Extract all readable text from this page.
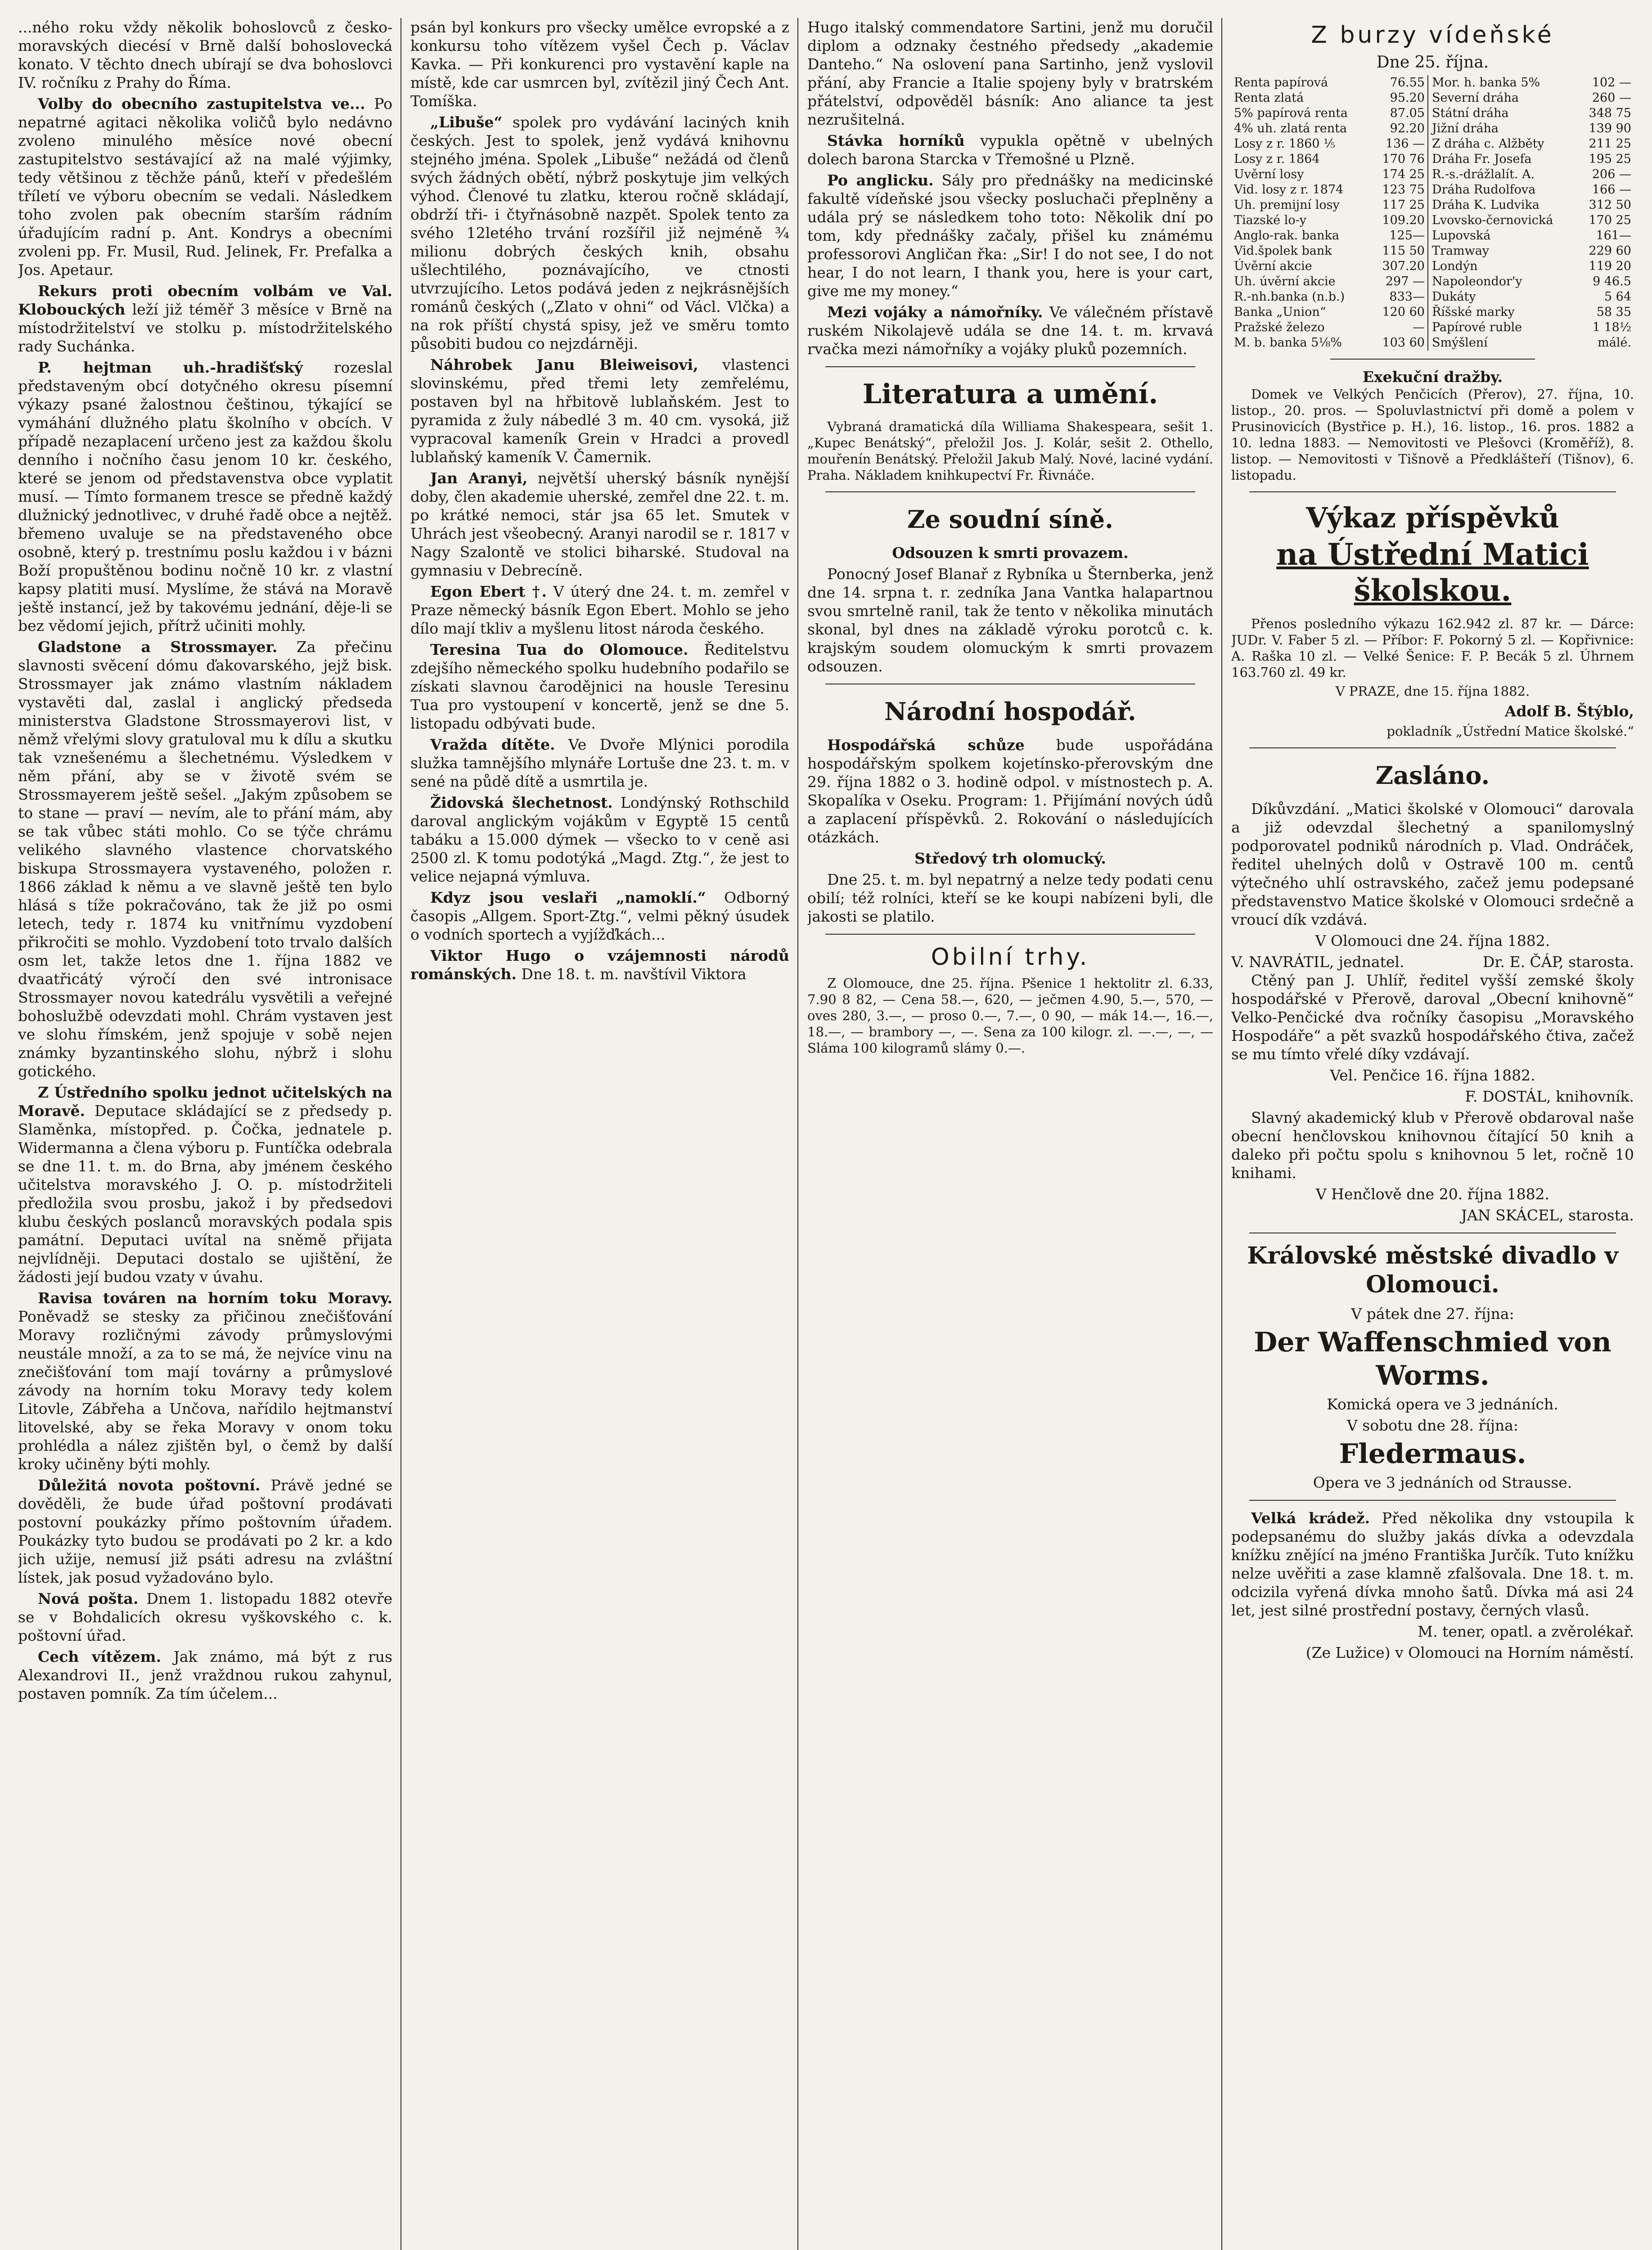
...ného roku vždy několik bohoslovců z česko-moravských diecésí v Brně další bohoslovecká konato. V těchto dnech ubírají se dva bohoslovci IV. ročníku z Prahy do Říma.

Volby do obecního zastupitelstva ve... Po nepatrné agitaci několika voličů bylo nedávno zvoleno minulého měsíce nové obecní zastupitelstvo sestávající až na malé výjimky, tedy většinou z těchže pánů, kteří v předešlém tříletí ve výboru obecním se vedali. Následkem toho zvolen pak obecním starším rádním úřadujícím radní p. Ant. Kondrys a obecními zvoleni pp. Fr. Musil, Rud. Jelinek, Fr. Prefalka a Jos. Apetaur.

Rekurs proti obecním volbám ve Val. Klobouckých leží již téměř 3 měsíce v Brně na místodržitelství ve stolku p. místodržitelského rady Suchánka.

P. hejtman uh.-hradišťský rozeslal představeným obcí dotyčného okresu písemní výkazy psané žalostnou češtinou, týkající se vymáhání dlužného platu školního v obcích. V případě nezaplacení určeno jest za každou školu denního i nočního času jenom 10 kr. českého, které se jenom od představenstva obce vyplatit musí. — Tímto formanem tresce se předně každý dlužnický jednotlivec, v druhé řadě obce a nejtěž. břemeno uvaluje se na představeného obce osobně, který p. trestnímu poslu každou i v bázni Boží propuštěnou bodinu nočně 10 kr. z vlastní kapsy platiti musí. Myslíme, že stává na Moravě ještě instancí, jež by takovému jednání, děje-li se bez vědomí jejich, přítrž učiniti mohly.

Gladstone a Strossmayer. Za přečinu slavnosti svěcení dómu ďakovarského, jejž bisk. Strossmayer jak známo vlastním nákladem vystavěti dal, zaslal i anglický předseda ministerstva Gladstone Strossmayerovi list, v němž vřelými slovy gratuloval mu k dílu a skutku tak vznešenému a šlechetnému. Výsledkem v něm přání, aby se v životě svém se Strossmayerem ještě sešel. „Jakým způsobem se to stane — praví — nevím, ale to přání mám, aby se tak vůbec státi mohlo. Co se týče chrámu velikého slavného vlastence chorvatského biskupa Strossmayera vystaveného, položen r. 1866 základ k němu a ve slavně ještě ten bylo hlásá s tíže pokračováno, tak že již po osmi letech, tedy r. 1874 ku vnitřnímu vyzdobení přikročiti se mohlo. Vyzdobení toto trvalo dalších osm let, takže letos dne 1. října 1882 ve dvaatřicátý výročí den své intronisace Strossmayer novou katedrálu vysvětili a veřejné bohoslužbě odevzdati mohl. Chrám vystaven jest ve slohu římském, jenž spojuje v sobě nejen známky byzantinského slohu, nýbrž i slohu gotického.

Z Ústředního spolku jednot učitelských na Moravě. Deputace skládající se z předsedy p. Slaměnka, místopřed. p. Čočka, jednatele p. Widermanna a člena výboru p. Funtíčka odebrala se dne 11. t. m. do Brna, aby jménem českého učitelstva moravského J. O. p. místodržiteli předložila svou prosbu, jakož i by předsedovi klubu českých poslanců moravských podala spis památní. Deputaci uvítal na sněmě přijata nejvlídněji. Deputaci dostalo se ujištění, že žádosti její budou vzaty v úvahu.

Ravisa továren na horním toku Moravy. Poněvadž se stesky za přičinou znečišťování Moravy rozličnými závody průmyslovými neustále množí, a za to se má, že nejvíce vinu na znečišťování tom mají továrny a průmyslové závody na horním toku Moravy tedy kolem Litovle, Zábřeha a Unčova, nařídilo hejtmanství litovelské, aby se řeka Moravy v onom toku prohlédla a nález zjištěn byl, o čemž by další kroky učiněny býti mohly.

Důležitá novota poštovní. Právě jedné se dověděli, že bude úřad poštovní prodávati postovní poukázky přímo poštovním úřadem. Poukázky tyto budou se prodávati po 2 kr. a kdo jich užije, nemusí již psáti adresu na zvláštní lístek, jak posud vyžadováno bylo.

Nová pošta. Dnem 1. listopadu 1882 otevře se v Bohdalicích okresu vyškovského c. k. poštovní úřad.

Cech vítězem. Jak známo, má být z rus Alexandrovi II., jenž vraždnou rukou zahynul, postaven pomník. Za tím účelem...

psán byl konkurs pro všecky umělce evropské a z konkursu toho vítězem vyšel Čech p. Václav Kavka. — Při konkurenci pro vystavění kaple na místě, kde car usmrcen byl, zvítězil jiný Čech Ant. Tomíška.

„Libuše“ spolek pro vydávání laciných knih českých. Jest to spolek, jenž vydává knihovnu stejného jména. Spolek „Libuše“ nežádá od členů svých žádných obětí, nýbrž poskytuje jim velkých výhod. Členové tu zlatku, kterou ročně skládají, obdrží tři- i čtyřnásobně nazpět. Spolek tento za svého 12letého trvání rozšířil již nejméně ¾ milionu dobrých českých knih, obsahu ušlechtilého, poznávajícího, ve ctnosti utvrzujícího. Letos podává jeden z nejkrásnějších románů českých („Zlato v ohni“ od Václ. Vlčka) a na rok příští chystá spisy, jež ve směru tomto působiti budou co nejzdárněji.

Náhrobek Janu Bleiweisovi, vlastenci slovinskému, před třemi lety zemřelému, postaven byl na hřbitově lublaňském. Jest to pyramida z žuly nábedlé 3 m. 40 cm. vysoká, již vypracoval kameník Grein v Hradci a provedl lublaňský kameník V. Čamernik.

Jan Aranyi, největší uherský básník nynější doby, člen akademie uherské, zemřel dne 22. t. m. po krátké nemoci, stár jsa 65 let. Smutek v Uhrách jest všeobecný. Aranyi narodil se r. 1817 v Nagy Szalontě ve stolici biharské. Studoval na gymnasiu v Debrecíně.

Egon Ebert †. V úterý dne 24. t. m. zemřel v Praze německý básník Egon Ebert. Mohlo se jeho dílo mají tkliv a myšlenu litost národa českého.

Teresina Tua do Olomouce. Ředitelstvu zdejšího německého spolku hudebního podařilo se získati slavnou čarodějnici na housle Teresinu Tua pro vystoupení v koncertě, jenž se dne 5. listopadu odbývati bude.

Vražda dítěte. Ve Dvoře Mlýnici porodila služka tamnějšího mlynáře Lortuše dne 23. t. m. v sené na půdě dítě a usmrtila je.

Židovská šlechetnost. Londýnský Rothschild daroval anglickým vojákům v Egyptě 15 centů tabáku a 15.000 dýmek — všecko to v ceně asi 2500 zl. K tomu podotýká „Magd. Ztg.“, že jest to velice nejapná výmluva.

Kdyz jsou veslaři „namoklí.“ Odborný časopis „Allgem. Sport-Ztg.“, velmi pěkný úsudek o vodních sportech a vyjížďkách...

Viktor Hugo o vzájemnosti národů románských. Dne 18. t. m. navštívil Viktora

Hugo italský commendatore Sartini, jenž mu doručil diplom a odznaky čestného předsedy „akademie Danteho.“ Na oslovení pana Sartinho, jenž vyslovil přání, aby Francie a Italie spojeny byly v bratrském přátelství, odpověděl básník: Ano aliance ta jest nezrušitelná.

Stávka horníků vypukla opětně v ubelných dolech barona Starcka v Třemošné u Plzně.

Po anglicku. Sály pro přednášky na medicinské fakultě vídeňské jsou všecky posluchači přeplněny a udála prý se následkem toho toto: Několik dní po tom, kdy přednášky začaly, přišel ku známému professorovi Angličan řka: „Sir! I do not see, I do not hear, I do not learn, I thank you, here is your cart, give me my money.“

Mezi vojáky a námořníky. Ve válečném přístavě ruském Nikolajevě udála se dne 14. t. m. krvavá rvačka mezi námořníky a vojáky pluků pozemních.

Literatura a umění.

Vybraná dramatická díla Williama Shakespeara, sešit 1. „Kupec Benátský“, přeložil Jos. J. Kolár, sešit 2. Othello, mouřenín Benátský. Přeložil Jakub Malý. Nové, laciné vydání. Praha. Nákladem knihkupectví Fr. Řivnáče.

Ze soudní síně.

Odsouzen k smrti provazem.

Ponocný Josef Blanař z Rybníka u Šternberka, jenž dne 14. srpna t. r. zedníka Jana Vantka halapartnou svou smrtelně ranil, tak že tento v několika minutách skonal, byl dnes na základě výroku porotců c. k. krajským soudem olomuckým k smrti provazem odsouzen.

Národní hospodář.

Hospodářská schůze bude uspořádána hospodářským spolkem kojetínsko-přerovským dne 29. října 1882 o 3. hodině odpol. v místnostech p. A. Skopalíka v Oseku. Program: 1. Přijímání nových údů a zaplacení příspěvků. 2. Rokování o následujících otázkách.

Středový trh olomucký.

Dne 25. t. m. byl nepatrný a nelze tedy podati cenu obilí; též rolníci, kteří se ke koupi nabízeni byli, dle jakosti se platilo.

Obilní trhy.

Z Olomouce, dne 25. října. Pšenice 1 hektolitr zl. 6.33, 7.90 8 82, — Cena 58.—, 620, — ječmen 4.90, 5.—, 570, — oves 280, 3.—, — proso 0.—, 7.—, 0 90, — mák 14.—, 16.—, 18.—, — brambory —, —. Sena za 100 kilogr. zl. —.—, —, — Sláma 100 kilogramů slámy 0.—.

Z burzy vídeňské
Dne 25. října.
Renta papírová	76.55		Mor. h. banka 5%	102 —
Renta zlatá	95.20		Severní dráha	260 —
5% papírová renta	87.05		Státní dráha	348 75
4% uh. zlatá renta	92.20		Jižní dráha	139 90
Losy z r. 1860 ⅕	136 —		Z dráha c. Alžběty	211 25
Losy z r. 1864	170 76		Dráha Fr. Josefa	195 25
Uvěrní losy	174 25		R.-s.-drážlalít. A.	206 —
Vid. losy z r. 1874	123 75		Dráha Rudolfova	166 —
Uh. premijní losy	117 25		Dráha K. Ludvika	312 50
Tiazské lo-y	109.20		Lvovsko-černovická	170 25
Anglo-rak. banka	125—		Lupovská	161—
Vid.špolek bank	115 50		Tramway	229 60
Úvěrní akcie	307.20		Londýn	119 20
Uh. úvěrní akcie	297 —		Napoleondor'y	9 46.5
R.-nh.banka (n.b.)	833—		Dukáty	5 64
Banka „Union“	120 60		Říšské marky	58 35
Pražské železo	—		Papírové ruble	1 18½
M. b. banka 5⅛%	103 60		Smýšlení	málé.
Exekuční dražby.

Domek ve Velkých Penčicích (Přerov), 27. října, 10. listop., 20. pros. — Spoluvlastnictví při domě a polem v Prusinovicích (Bystřice p. H.), 16. listop., 16. pros. 1882 a 10. ledna 1883. — Nemovitosti ve Plešovci (Kroměříž), 8. listop. — Nemovitosti v Tišnově a Předklášteří (Tišnov), 6. listopadu.

Výkaz příspěvků
na Ústřední Matici školskou.

Přenos posledního výkazu 162.942 zl. 87 kr. — Dárce: JUDr. V. Faber 5 zl. — Příbor: F. Pokorný 5 zl. — Kopřivnice: A. Raška 10 zl. — Velké Šenice: F. P. Becák 5 zl. Úhrnem 163.760 zl. 49 kr.

V PRAZE, dne 15. října 1882.

Adolf B. Štýblo,

pokladník „Ústřední Matice školské.“

Zasláno.

Díkůvzdání. „Matici školské v Olomouci“ darovala a již odevzdal šlechetný a spanilomyslný podporovatel podniků národních p. Vlad. Ondráček, ředitel uhelných dolů v Ostravě 100 m. centů výtečného uhlí ostravského, začež jemu podepsané představenstvo Matice školské v Olomouci srdečně a vroucí dík vzdává.

V Olomouci dne 24. října 1882.

V. NAVRÁTIL, jednatel.	Dr. E. ČÁP, starosta.

Ctěný pan J. Uhlíř, ředitel vyšší zemské školy hospodářské v Přerově, daroval „Obecní knihovně“ Velko-Penčické dva ročníky časopisu „Moravského Hospodáře“ a pět svazků hospodářského čtiva, začež se mu tímto vřelé díky vzdávají.

Vel. Penčice 16. října 1882.

F. DOSTÁL, knihovník.

Slavný akademický klub v Přerově obdaroval naše obecní henčlovskou knihovnou čítající 50 knih a daleko při počtu spolu s knihovnou 5 let, ročně 10 knihami.

V Henčlově dne 20. října 1882.

JAN SKÁCEL, starosta.

Královské městské divadlo v Olomouci.

V pátek dne 27. října:

Der Waffenschmied von Worms.

Komická opera ve 3 jednáních.

V sobotu dne 28. října:

Fledermaus.

Opera ve 3 jednáních od Strausse.

Velká krádež. Před několika dny vstoupila k podepsanému do služby jakás dívka a odevzdala knížku znějící na jméno Františka Jurčík. Tuto knížku nelze uvěřiti a zase klamně zfalšovala. Dne 18. t. m. odcizila vyřená dívka mnoho šatů. Dívka má asi 24 let, jest silné prostřední postavy, černých vlasů.

M. tener, opatl. a zvěrolékař.

(Ze Lužice) v Olomouci na Horním náměstí.
